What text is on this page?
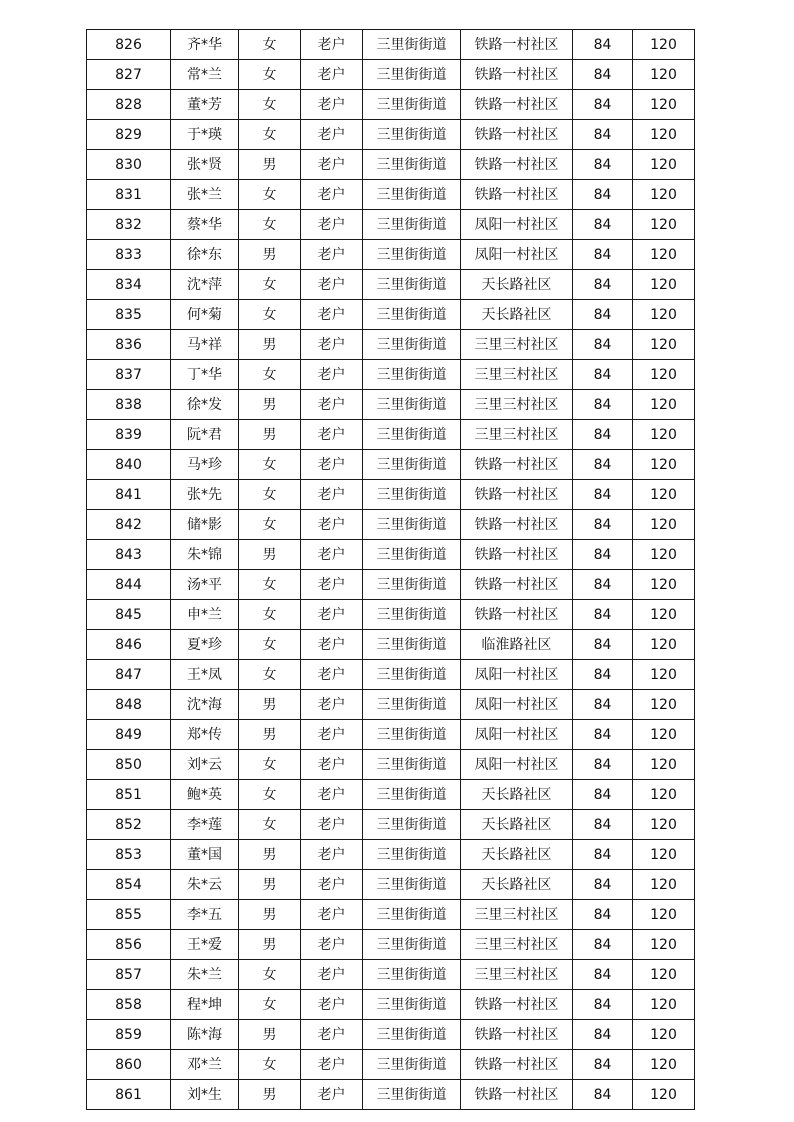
826	齐*华	女	老户	三里街街道	铁路一村社区	84	120
827	常*兰	女	老户	三里街街道	铁路一村社区	84	120
828	董*芳	女	老户	三里街街道	铁路一村社区	84	120
829	于*瑛	女	老户	三里街街道	铁路一村社区	84	120
830	张*贤	男	老户	三里街街道	铁路一村社区	84	120
831	张*兰	女	老户	三里街街道	铁路一村社区	84	120
832	蔡*华	女	老户	三里街街道	凤阳一村社区	84	120
833	徐*东	男	老户	三里街街道	凤阳一村社区	84	120
834	沈*萍	女	老户	三里街街道	天长路社区	84	120
835	何*菊	女	老户	三里街街道	天长路社区	84	120
836	马*祥	男	老户	三里街街道	三里三村社区	84	120
837	丁*华	女	老户	三里街街道	三里三村社区	84	120
838	徐*发	男	老户	三里街街道	三里三村社区	84	120
839	阮*君	男	老户	三里街街道	三里三村社区	84	120
840	马*珍	女	老户	三里街街道	铁路一村社区	84	120
841	张*先	女	老户	三里街街道	铁路一村社区	84	120
842	储*影	女	老户	三里街街道	铁路一村社区	84	120
843	朱*锦	男	老户	三里街街道	铁路一村社区	84	120
844	汤*平	女	老户	三里街街道	铁路一村社区	84	120
845	申*兰	女	老户	三里街街道	铁路一村社区	84	120
846	夏*珍	女	老户	三里街街道	临淮路社区	84	120
847	王*凤	女	老户	三里街街道	凤阳一村社区	84	120
848	沈*海	男	老户	三里街街道	凤阳一村社区	84	120
849	郑*传	男	老户	三里街街道	凤阳一村社区	84	120
850	刘*云	女	老户	三里街街道	凤阳一村社区	84	120
851	鲍*英	女	老户	三里街街道	天长路社区	84	120
852	李*莲	女	老户	三里街街道	天长路社区	84	120
853	董*国	男	老户	三里街街道	天长路社区	84	120
854	朱*云	男	老户	三里街街道	天长路社区	84	120
855	李*五	男	老户	三里街街道	三里三村社区	84	120
856	王*爱	男	老户	三里街街道	三里三村社区	84	120
857	朱*兰	女	老户	三里街街道	三里三村社区	84	120
858	程*坤	女	老户	三里街街道	铁路一村社区	84	120
859	陈*海	男	老户	三里街街道	铁路一村社区	84	120
860	邓*兰	女	老户	三里街街道	铁路一村社区	84	120
861	刘*生	男	老户	三里街街道	铁路一村社区	84	120
